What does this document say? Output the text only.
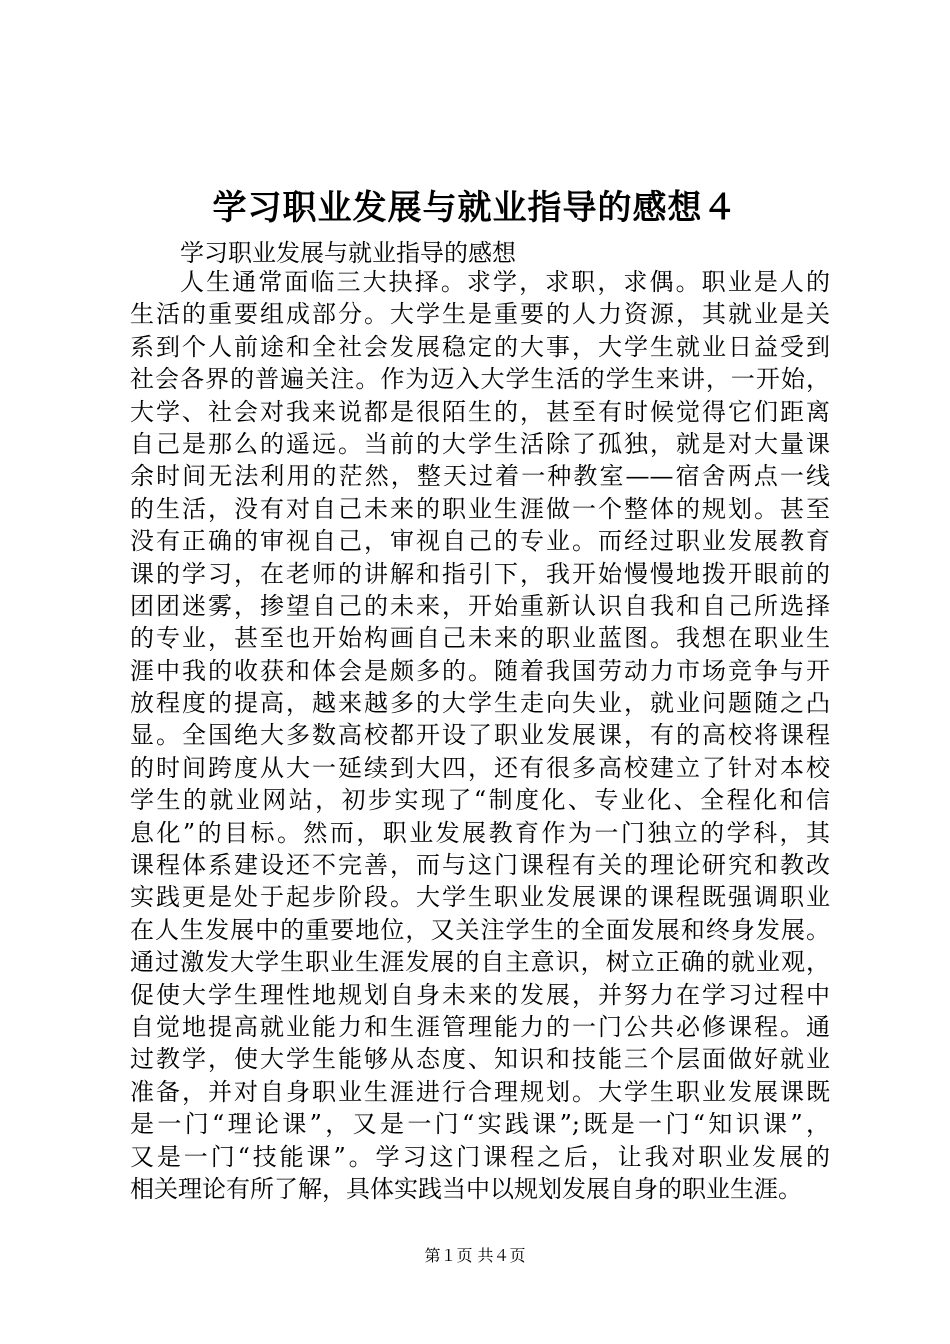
学习职业发展与就业指导的感想４
学习职业发展与就业指导的感想
人生通常面临三大抉择。求学，求职，求偶。职业是人的
生活的重要组成部分。大学生是重要的人力资源，其就业是关
系到个人前途和全社会发展稳定的大事，大学生就业日益受到
社会各界的普遍关注。作为迈入大学生活的学生来讲，一开始，
大学、社会对我来说都是很陌生的，甚至有时候觉得它们距离
自己是那么的遥远。当前的大学生活除了孤独，就是对大量课
余时间无法利用的茫然，整天过着一种教室——宿舍两点一线
的生活，没有对自己未来的职业生涯做一个整体的规划。甚至
没有正确的审视自己，审视自己的专业。而经过职业发展教育
课的学习，在老师的讲解和指引下，我开始慢慢地拨开眼前的
团团迷雾，掺望自己的未来，开始重新认识自我和自己所选择
的专业，甚至也开始构画自己未来的职业蓝图。我想在职业生
涯中我的收获和体会是颇多的。随着我国劳动力市场竞争与开
放程度的提高，越来越多的大学生走向失业，就业问题随之凸
显。全国绝大多数高校都开设了职业发展课，有的高校将课程
的时间跨度从大一延续到大四，还有很多高校建立了针对本校
学生的就业网站，初步实现了“制度化、专业化、全程化和信
息化”的目标。然而，职业发展教育作为一门独立的学科，其
课程体系建设还不完善，而与这门课程有关的理论研究和教改
实践更是处于起步阶段。大学生职业发展课的课程既强调职业
在人生发展中的重要地位，又关注学生的全面发展和终身发展。
通过激发大学生职业生涯发展的自主意识，树立正确的就业观，
促使大学生理性地规划自身未来的发展，并努力在学习过程中
自觉地提高就业能力和生涯管理能力的一门公共必修课程。通
过教学，使大学生能够从态度、知识和技能三个层面做好就业
准备，并对自身职业生涯进行合理规划。大学生职业发展课既
是一门“理论课”，又是一门“实践课”;既是一门“知识课”，
又是一门“技能课”。学习这门课程之后，让我对职业发展的
相关理论有所了解，具体实践当中以规划发展自身的职业生涯。
第１页 共４页
